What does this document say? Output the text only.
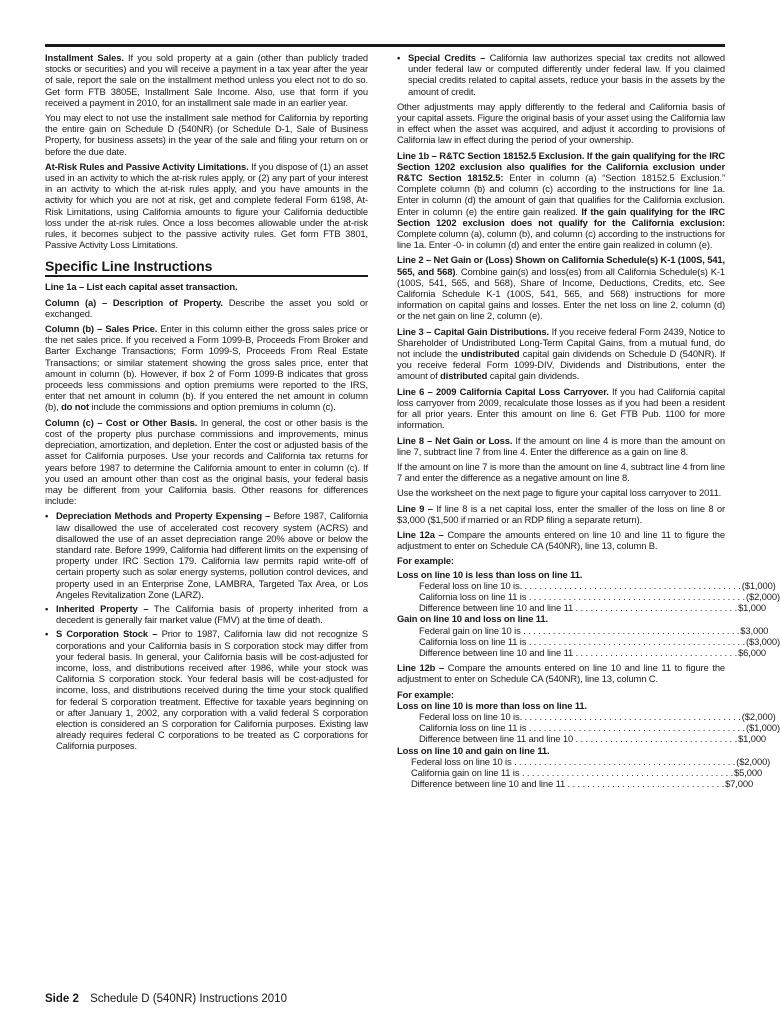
Installment Sales. If you sold property at a gain (other than publicly traded stocks or securities) and you will receive a payment in a tax year after the year of sale, report the sale on the installment method unless you elect not to do so. Get form FTB 3805E, Installment Sale Income. Also, use that form if you received a payment in 2010, for an installment sale made in an earlier year.

You may elect to not use the installment sale method for California by reporting the entire gain on Schedule D (540NR) (or Schedule D-1, Sale of Business Property, for business assets) in the year of the sale and filing your return on or before the due date.

At-Risk Rules and Passive Activity Limitations. If you dispose of (1) an asset used in an activity to which the at-risk rules apply, or (2) any part of your interest in an activity to which the at-risk rules apply, and you have amounts in the activity for which you are not at risk, get and complete federal Form 6198, At-Risk Limitations, using California amounts to figure your California deductible loss under the at-risk rules. Once a loss becomes allowable under the at-risk rules, it becomes subject to the passive activity rules. Get form FTB 3801, Passive Activity Loss Limitations.

Specific Line Instructions

Line 1a – List each capital asset transaction.

Column (a) – Description of Property. Describe the asset you sold or exchanged.

Column (b) – Sales Price. Enter in this column either the gross sales price or the net sales price. If you received a Form 1099-B, Proceeds From Broker and Barter Exchange Transactions; Form 1099-S, Proceeds From Real Estate Transactions; or similar statement showing the gross sales price, enter that amount in column (b). However, if box 2 of Form 1099-B indicates that gross proceeds less commissions and option premiums were reported to the IRS, enter that net amount in column (b). If you entered the net amount in column (b), do not include the commissions and option premiums in column (c).

Column (c) – Cost or Other Basis. In general, the cost or other basis is the cost of the property plus purchase commissions and improvements, minus depreciation, amortization, and depletion. Enter the cost or adjusted basis of the asset for California purposes. Use your records and California tax returns for years before 1987 to determine the California amount to enter in column (c). If you used an amount other than cost as the original basis, your federal basis may be different from your California basis. Other reasons for differences include:

• Depreciation Methods and Property Expensing – Before 1987, California law disallowed the use of accelerated cost recovery system (ACRS) and disallowed the use of an asset depreciation range 20% above or below the standard rate. Before 1999, California had different limits on the expensing of property under IRC Section 179. California law permits rapid write-off of certain property such as solar energy systems, pollution control devices, and property used in an Enterprise Zone, LAMBRA, Targeted Tax Area, or Los Angeles Revitalization Zone (LARZ).
• Inherited Property – The California basis of property inherited from a decedent is generally fair market value (FMV) at the time of death.
• S Corporation Stock – Prior to 1987, California law did not recognize S corporations and your California basis in S corporation stock may differ from your federal basis. In general, your California basis will be cost-adjusted for income, loss, and distributions received after 1986, while your stock was California S corporation stock. Your federal basis will be cost-adjusted for income, loss, and distributions received during the time your stock qualified for federal S corporation treatment. Effective for taxable years beginning on or after January 1, 2002, any corporation with a valid federal S corporation election is considered an S corporation for California purposes. Existing law already requires federal C corporations to be treated as C corporations for California purposes.
• Special Credits – California law authorizes special tax credits not allowed under federal law or computed differently under federal law. If you claimed special credits related to capital assets, reduce your basis in the assets by the amount of credit.

Other adjustments may apply differently to the federal and California basis of your capital assets. Figure the original basis of your asset using the California law in effect when the asset was acquired, and adjust it according to provisions of California law in effect during the period of your ownership.

Line 1b – R&TC Section 18152.5 Exclusion. If the gain qualifying for the IRC Section 1202 exclusion also qualifies for the California exclusion under R&TC Section 18152.5: Enter in column (a) “Section 18152.5 Exclusion.” Complete column (b) and column (c) according to the instructions for line 1a. Enter in column (d) the amount of gain that qualifies for the California exclusion. Enter in column (e) the entire gain realized. If the gain qualifying for the IRC Section 1202 exclusion does not qualify for the California exclusion: Complete column (a), column (b), and column (c) according to the instructions for line 1a. Enter -0- in column (d) and enter the entire gain realized in column (e).

Line 2 – Net Gain or (Loss) Shown on California Schedule(s) K-1 (100S, 541, 565, and 568). Combine gain(s) and loss(es) from all California Schedule(s) K-1 (100S, 541, 565, and 568), Share of Income, Deductions, Credits, etc. See California Schedule K-1 (100S, 541, 565, and 568) instructions for more information on capital gains and losses. Enter the net loss on line 2, column (d) or the net gain on line 2, column (e).

Line 3 – Capital Gain Distributions. If you receive federal Form 2439, Notice to Shareholder of Undistributed Long-Term Capital Gains, from a mutual fund, do not include the undistributed capital gain dividends on Schedule D (540NR). If you receive federal Form 1099-DIV, Dividends and Distributions, enter the amount of distributed capital gain dividends.

Line 6 – 2009 California Capital Loss Carryover. If you had California capital loss carryover from 2009, recalculate those losses as if you had been a resident for all prior years. Enter this amount on line 6. Get FTB Pub. 1100 for more information.

Line 8 – Net Gain or Loss. If the amount on line 4 is more than the amount on line 7, subtract line 7 from line 4. Enter the difference as a gain on line 8.

If the amount on line 7 is more than the amount on line 4, subtract line 4 from line 7 and enter the difference as a negative amount on line 8.

Use the worksheet on the next page to figure your capital loss carryover to 2011.

Line 9 – If line 8 is a net capital loss, enter the smaller of the loss on line 8 or $3,000 ($1,500 if married or an RDP filing a separate return).

Line 12a – Compare the amounts entered on line 10 and line 11 to figure the adjustment to enter on Schedule CA (540NR), line 13, column B.

For example:
Loss on line 10 is less than loss on line 11.
Federal loss on line 10 is. . . . . . . . . . . . . . . . . . . . . . . . . . . . . . . . . . . . . . . . . . . . . ($1,000)
California loss on line 11 is . . . . . . . . . . . . . . . . . . . . . . . . . . . . . . . . . . . . . . . . . . . . ($2,000)
Difference between line 10 and line 11 . . . . . . . . . . . . . . . . . . . . . . . . . . . . . . . . . $1,000
Gain on line 10 and loss on line 11.
Federal gain on line 10 is . . . . . . . . . . . . . . . . . . . . . . . . . . . . . . . . . . . . . . . . . . . . $3,000
California loss on line 11 is . . . . . . . . . . . . . . . . . . . . . . . . . . . . . . . . . . . . . . . . . . . . ($3,000)
Difference between line 10 and line 11 . . . . . . . . . . . . . . . . . . . . . . . . . . . . . . . . . $6,000

Line 12b – Compare the amounts entered on line 10 and line 11 to figure the adjustment to enter on Schedule CA (540NR), line 13, column C.

For example:
Loss on line 10 is more than loss on line 11.
Federal loss on line 10 is. . . . . . . . . . . . . . . . . . . . . . . . . . . . . . . . . . . . . . . . . . . . . ($2,000)
California loss on line 11 is . . . . . . . . . . . . . . . . . . . . . . . . . . . . . . . . . . . . . . . . . . . . ($1,000)
Difference between line 11 and line 10 . . . . . . . . . . . . . . . . . . . . . . . . . . . . . . . . . $1,000
Loss on line 10 and gain on line 11.
Federal loss on line 10 is . . . . . . . . . . . . . . . . . . . . . . . . . . . . . . . . . . . . . . . . . . . . . ($2,000)
California gain on line 11 is . . . . . . . . . . . . . . . . . . . . . . . . . . . . . . . . . . . . . . . . . . . $5,000
Difference between line 10 and line 11 . . . . . . . . . . . . . . . . . . . . . . . . . . . . . . . . $7,000
Side 2 Schedule D (540NR) Instructions 2010
